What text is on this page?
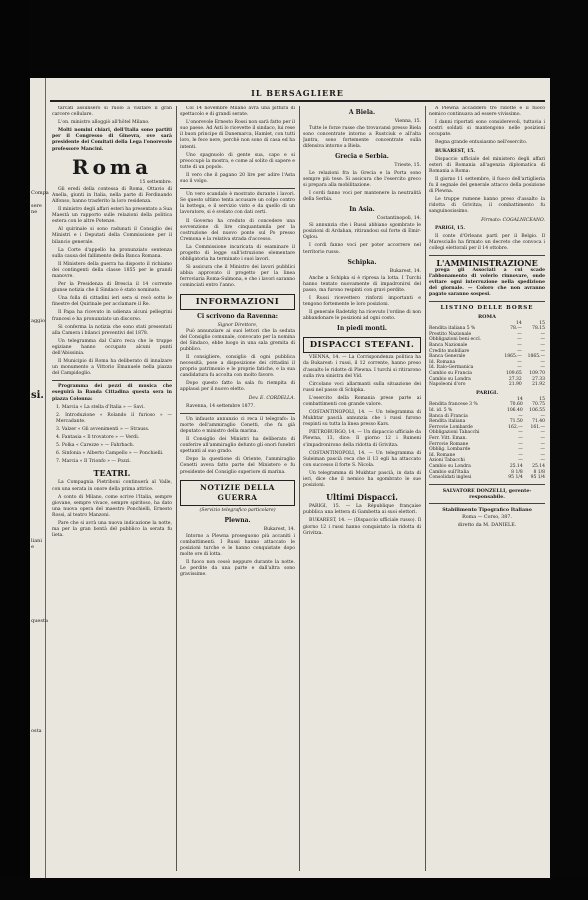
Compa
sere ne
aggio
si.
liani e
questa
osta
IL BERSAGLIERE
tarcati assunsero sì ruolo a visitare il gran carcere cellulare.
L'on. ministro alloggiò all'hôtel Milano.
Molti nomini chiari, dell'Italia sono partiti per il Congresso di Ginevra, ove sarà presidente dei Comitati della Lega l'onorevole professore Mancini.
Roma
15 settembre.
Gli eredi della contessa di Roma, Ottavio di Anella, giunti in Italia, nella parte di Ferdinando Alfonso, hanno trasferito la loro residenza.
Il ministro degli affari esteri ha presentato a Sua Maestà un rapporto sulle relazioni della politica estera con le altre Potenze.
Al quirinale si sono radunati il Consiglio dei Ministri e i Deputati della Commissione per il bilancio generale.
La Corte d'appello ha pronunziato sentenza sulla causa del fallimento della Banca Romana.
Il Ministero della guerra ha disposto il richiamo dei contingenti della classe 1855 per le grandi manovre.
Per la Presidenza di Brescia il 14 corrente giunse notizia che il Sindaco è stato nominato.
Una folla di cittadini ieri sera si recò sotto le finestre del Quirinale per acclamare il Re.
Il Papa ha ricevuto in udienza alcuni pellegrini francesi e ha pronunziato un discorso.
Si conferma la notizia che sono stati presentati alla Camera i bilanci preventivi del 1878.
Un telegramma dal Cairo reca che le truppe egiziane hanno occupato alcuni punti dell'Abissinia.
Il Municipio di Roma ha deliberato di innalzare un monumento a Vittorio Emanuele nella piazza del Campidoglio.
Programma dei pezzi di musica che eseguirà la Banda Cittadina questa sera in piazza Colonna:
1. Marcia « La stella d'Italia » — Savi.
2. Introduzione « Rolando il furioso » — Mercadante.
3. Valzer « Gli avvenimenti » — Strauss.
4. Fantasia « Il trovatore » — Verdi.
5. Polka « Carezze » — Fahrbach.
6. Sinfonia « Alberto Campello » — Ponchielli.
7. Marcia « Il Trionfo » — Pozzi.
TEATRI.
La Compagnia Pietriboni continuerà al Valle, con una serata in onore della prima attrice.
A conto di Milano, come scrive l'Italia, sempre giovane, sempre vivace, sempre spiritoso, ha dato una nuova opera del maestro Ponchielli, Ernesto Rossi, al teatro Manzoni.
Pare che si avrà una nuova indicazione la notte, ma per la gran bontà del pubblico la serata fu lieta.
Col 14 novembre Milano avrà una pittura di spettacolo e di grandi serate.
L'onorevole Ernesto Rossi non sarà fatto per il suo paese. Ad Asti lo ricevette il sindaco, lui rese il buon principe di Danemarca, Hamlet, con tutti loro, le fece nere, perchè non sono di casa ed ha intenti.
Uno spagnuolo di gente sua, capo e si preoccupò la mostra, e come al solito di sapere e tutte di un popolo.
Il vero che il pagano 20 lire per adire l'Asta suo il volgo.
Un vero scandalo è mostrato durante i lavori. Se questo ultimo tenta accusare un colpo contro la bottega, e il servizio visto e da quello di un lavoratore, si è svelato con dati certi.
Il Governo ha creduto di concedere una sovvenzione di lire cinquantamila per la costruzione del nuovo ponte sul Po presso Cremona e la relativa strada d'accesso.
La Commissione incaricata di esaminare il progetto di legge sull'istruzione elementare obbligatoria ha terminato i suoi lavori.
Si assicura che il Ministro dei lavori pubblici abbia approvato il progetto per la linea ferroviaria Roma-Sulmona, e che i lavori saranno cominciati entro l'anno.
INFORMAZIONI
Ci scrivono da Ravenna:
Signor Direttore,
Può annunziare ai suoi lettori che la seduta del Consiglio comunale, convocato per la nomina del Sindaco, ebbe luogo in una sala gremita di pubblico.
Il consigliere, consiglio di ogni pubblica necessità, pose a disposizione dei cittadini il proprio patrimonio e le proprie fatiche, e la sua candidatura fu accolta con molto favore.
Dopo questo fatto la sala fu riempita di applausi per il nuovo eletto.
Dev. E. CORDELLA.
Ravenna, 14 settembre 1877.
Un infausto annunzio ci reca il telegrafo: la morte dell'ammiraglio Cenetti, che fu già deputato e ministro della marina.
Il Consiglio dei Ministri ha deliberato di conferire all'ammiraglio defunto gli onori funebri spettanti al suo grado.
Dopo la questione di Oriente, l'ammiraglio Cenetti aveva fatto parte del Ministero e fu presidente del Consiglio superiore di marina.
NOTIZIE DELLA GUERRA
(Servizio telegrafico particolare)
Plewna.
Bukarest, 14.
Intorno a Plewna proseguono più accaniti i combattimenti. I Russi hanno attaccato le posizioni turche e le hanno conquistate dopo molte ore di lotta.
Il fuoco non cessò neppure durante la notte. Le perdite da una parte e dall'altra sono gravissime.
A Biela.
Vienna, 15.
Tutte le forze russe che trovavansi presso Biela sono concentrate intorno a Rustciuk e all'alta Jantra, sono fortemente concentrate sulla difensiva intorno a Biela.
Grecia e Serbia.
Trieste, 15.
Le relazioni fra la Grecia e la Porta sono sempre più tese. Si assicura che l'esercito greco si prepara alla mobilitazione.
I cordi fanno voci per mantenere la neutralità della Serbia.
In Asia.
Costantinopoli, 14.
Si annunzia che i Russi abbiano sgombrato le posizioni di Ardahan, ritirandosi sul forte di Emir-Oglou.
I cordi fanno voci per poter accorrere nel territorio russo.
Schipka.
Bukarest, 14.
Anche a Schipka si è ripresa la lotta. I Turchi hanno tentato nuovamente di impadronirsi del passo, ma furono respinti con gravi perdite.
I Russi ricevettero rinforzi importanti e tengono fortemente le loro posizioni.
Il generale Radetzky ha ricevuto l'ordine di non abbandonare le posizioni ad ogni costo.
In piedi monti.
DISPACCI STEFANI.
VIENNA, 14. — La Corrispondenza politica ha da Bukarest: i russi, il 12 corrente, hanno preso d'assalto le ridotte di Plewna. I turchi si ritirarono sulla riva sinistra del Vid.
Circolano voci allarmanti sulla situazione dei russi nel passo di Schipka.
L'esercito della Romania prese parte ai combattimenti con grande valore.
COSTANTINOPOLI, 14. — Un telegramma di Mukhtar pascià annunzia che i russi furono respinti su tutta la linea presso Kars.
PIETROBURGO, 14. — Un dispaccio ufficiale da Plewna, 13, dice: Il giorno 12 i Rumeni s'impadronirono della ridotta di Grivitza.
COSTANTINOPOLI, 14. — Un telegramma di Suleiman pascià reca che il 13 egli ha attaccato con successo il forte S. Nicola.
Un telegramma di Mukhtar pascià, in data di ieri, dice che il nemico ha sgombrato le sue posizioni.
Ultimi Dispacci.
PARIGI, 15. — La République française pubblica una lettera di Gambetta ai suoi elettori.
BUKAREST, 14. — (Dispaccio ufficiale russo). Il giorno 12 i russi hanno conquistato la ridotta di Grivitza.
A Plewna accaddero tre ridotte e il fuoco nemico continuava ad essere vivissimo.
I danni riportati sono considerevoli, tuttavia i nostri soldati si mantengono nelle posizioni occupate.
Regna grande entusiasmo nell'esercito.
BUKAREST, 15.
Dispaccio ufficiale del ministero degli affari esteri di Romania all'agenzia diplomatica di Romania a Roma:
Il giorno 11 settembre, il fuoco dell'artiglieria fu il segnale del generale attacco della posizione di Plewna.
Le truppe rumene hanno preso d'assalto la ridotta di Grivitza; il combattimento fu sanguinosissimo.
Firmato: COGALNICEANO.
PARIGI, 15.
Il conte d'Orleans partì per il Belgio. Il Maresciallo ha firmato un decreto che convoca i collegi elettorali per il 14 ottobre.
L'AMMINISTRAZIONE
prega gli Associati a cui scade l'abbonamento di volerlo rinnovare, onde evitare ogni interruzione nella spedizione del giornale. — Coloro che non avranno pagato saranno sospesi.
LISTINO DELLE BORSE
ROMA
	14	15
Rendita italiana 5 %	78.—	78.15
Prestito Nazionale	—	—
Obbligazioni beni eccl.	—	—
Banca Nazionale	—	—
Credito mobiliare	—	—
Banca Generale	1865.—	1865.—
Id. Romana	—	—
Id. Italo-Germanica	—	—
Cambio su Francia	109.65	109.70
Cambio su Londra	27.32	27.33
Napoleoni d'oro	21.90	21.92
PARIGI.
	14	15
Rendita francese 3 %	70.60	70.75
Id. id. 5 %	106.40	106.55
Banca di Francia	—	—
Rendita italiana	71.50	71.40
Ferrovie Lombarde	162.—	161.—
Obbligazioni Tabacchi	—	—
Ferr. Vitt. Eman.	—	—
Ferrovie Romane	—	—
Obblig. Lombarde	—	—
Id. Romane	—	—
Azioni Tabacchi	—	—
Cambio su Londra	25.14	25.14
Cambio sull'Italia	8 1/8	8 1/8
Consolidati inglesi	95 1/4	95 1/4
SALVATORE DONZELLI, gerente-responsabile.
Stabilimento Tipografico Italiano
Roma — Corso, 387.
diretto da M. DANIELE.
